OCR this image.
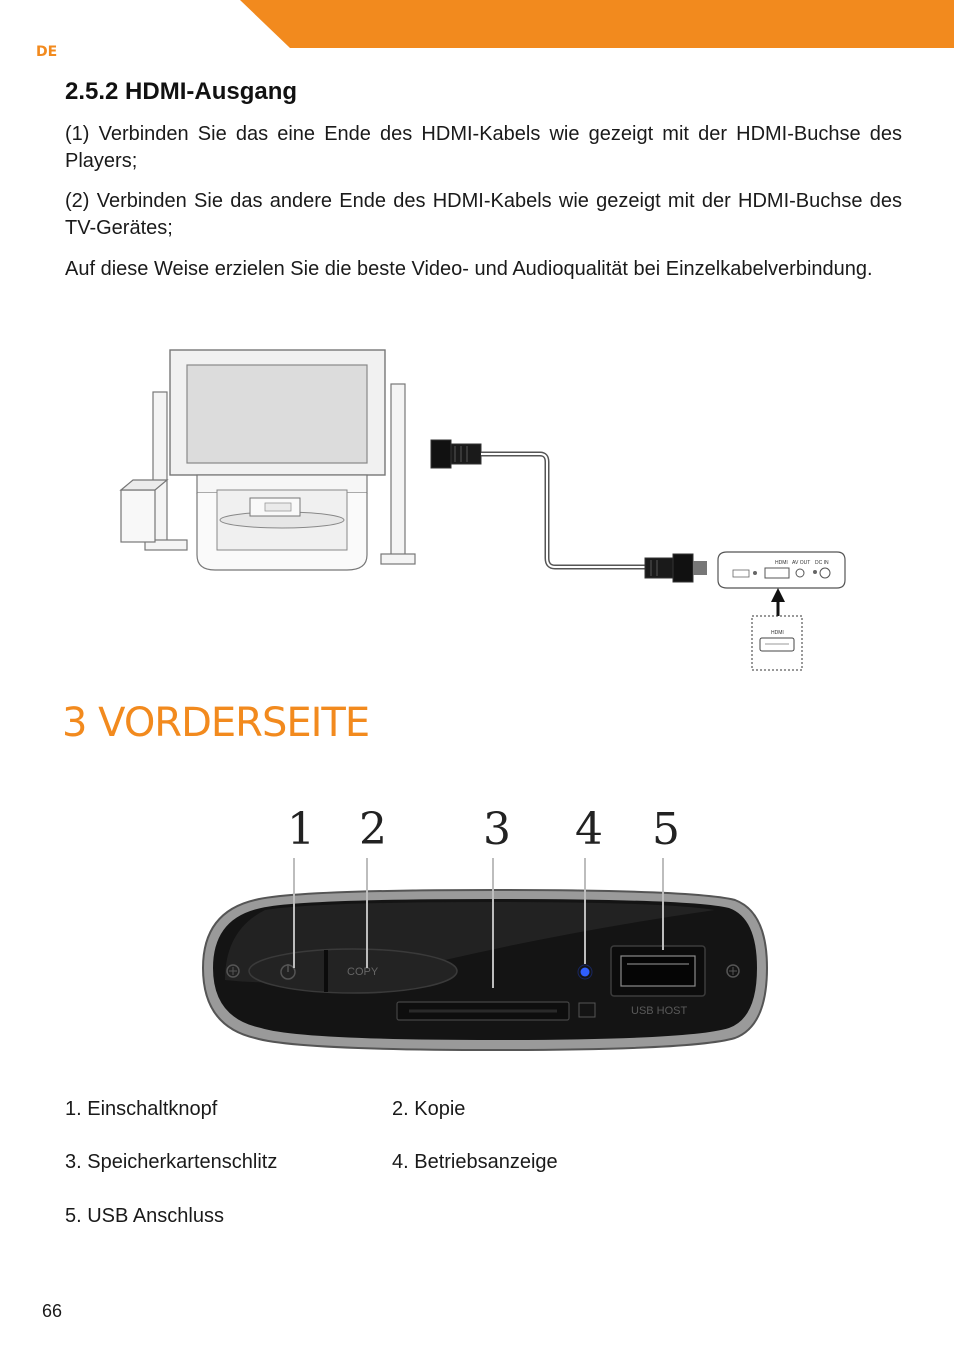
DE
2.5.2 HDMI-Ausgang

(1) Verbinden Sie das eine Ende des HDMI-Kabels wie gezeigt mit der HDMI-Buchse des Players;

(2) Verbinden Sie das andere Ende des HDMI-Kabels wie gezeigt mit der HDMI-Buchse des TV-Gerätes;

Auf diese Weise erzielen Sie die beste Video- und Audioqualität bei Einzelkabelverbindung.

HDMI AV OUT DC IN
HDMI
3 VORDERSEITE
1 2 3 4 5
COPY
USB HOST

1. Einschaltknopf	2. Kopie

3. Speicherkartenschlitz	4. Betriebsanzeige

5. USB Anschluss

66
